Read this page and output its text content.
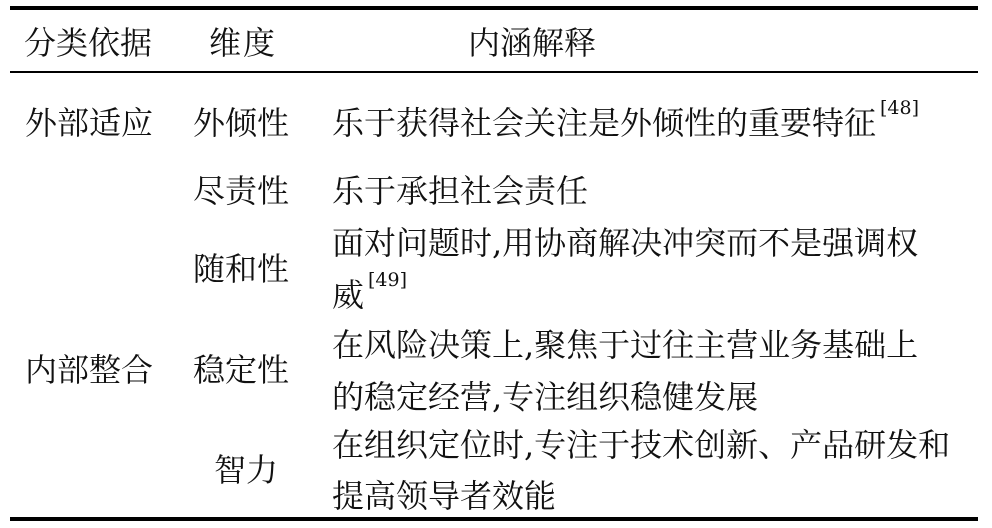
分类依据 维度	内涵解释
外部适应 外倾性 乐于获得社会关注是外倾性的重要特征 [48]
内部整合
尽责性 乐于承担社会责任
随和性
面对问题时,用协商解决冲突而不是强调权
威 [49]
稳定性
在风险决策上,聚焦于过往主营业务基础上
的稳定经营,专注组织稳健发展
智力
在组织定位时,专注于技术创新、产品研发和
提高领导者效能
